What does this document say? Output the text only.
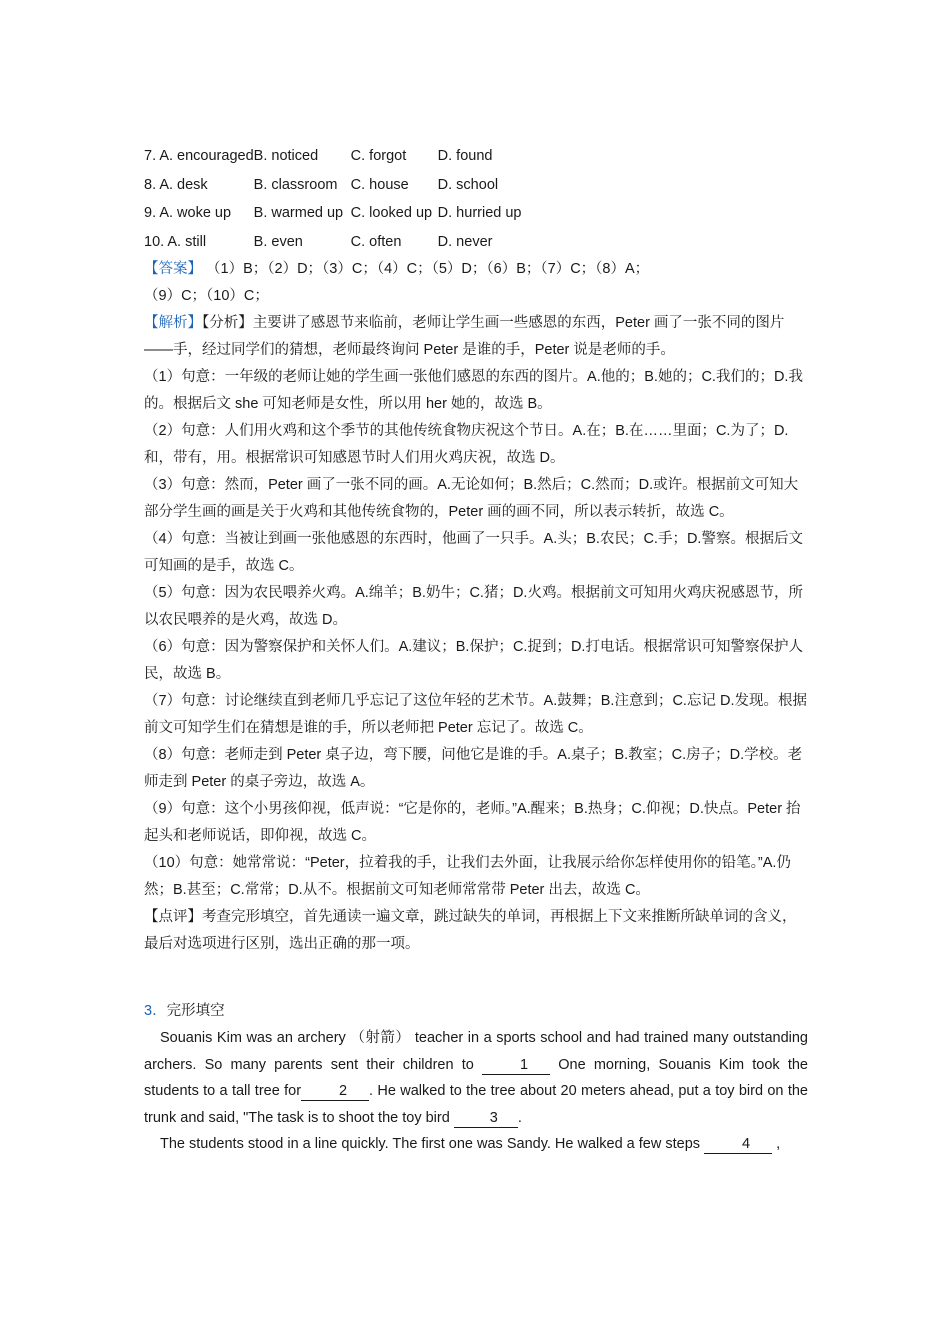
7. A. encouraged	B. noticed	C. forgot	D. found
8. A. desk	B. classroom	C. house	D. school
9. A. woke up	B. warmed up	C. looked up	D. hurried up
10. A. still	B. even	C. often	D. never
【答案】 （1）B；（2）D；（3）C；（4）C；（5）D；（6）B；（7）C；（8）A；
（9）C；（10）C；

【解析】【分析】主要讲了感恩节来临前，老师让学生画一些感恩的东西，Peter 画了一张不同的图片——手，经过同学们的猜想，老师最终询问 Peter 是谁的手，Peter 说是老师的手。

（1）句意：一年级的老师让她的学生画一张他们感恩的东西的图片。A.他的；B.她的；C.我们的；D.我的。根据后文 she 可知老师是女性，所以用 her 她的，故选 B。

（2）句意：人们用火鸡和这个季节的其他传统食物庆祝这个节日。A.在；B.在……里面；C.为了；D.和，带有，用。根据常识可知感恩节时人们用火鸡庆祝，故选 D。

（3）句意：然而，Peter 画了一张不同的画。A.无论如何；B.然后；C.然而；D.或许。根据前文可知大部分学生画的画是关于火鸡和其他传统食物的，Peter 画的画不同，所以表示转折，故选 C。

（4）句意：当被让到画一张他感恩的东西时，他画了一只手。A.头；B.农民；C.手；D.警察。根据后文可知画的是手，故选 C。

（5）句意：因为农民喂养火鸡。A.绵羊；B.奶牛；C.猪；D.火鸡。根据前文可知用火鸡庆祝感恩节，所以农民喂养的是火鸡，故选 D。

（6）句意：因为警察保护和关怀人们。A.建议；B.保护；C.捉到；D.打电话。根据常识可知警察保护人民，故选 B。

（7）句意：讨论继续直到老师几乎忘记了这位年轻的艺术节。A.鼓舞；B.注意到；C.忘记 D.发现。根据前文可知学生们在猜想是谁的手，所以老师把 Peter 忘记了。故选 C。

（8）句意：老师走到 Peter 桌子边，弯下腰，问他它是谁的手。A.桌子；B.教室；C.房子；D.学校。老师走到 Peter 的桌子旁边，故选 A。

（9）句意：这个小男孩仰视，低声说：“它是你的，老师。”A.醒来；B.热身；C.仰视；D.快点。Peter 抬起头和老师说话，即仰视，故选 C。

（10）句意：她常常说：“Peter，拉着我的手，让我们去外面，让我展示给你怎样使用你的铅笔。”A.仍然；B.甚至；C.常常；D.从不。根据前文可知老师常常带 Peter 出去，故选 C。

【点评】考查完形填空，首先通读一遍文章，跳过缺失的单词，再根据上下文来推断所缺单词的含义，最后对选项进行区别，选出正确的那一项。

3．完形填空

Souanis Kim was an archery （射箭） teacher in a sports school and had trained many outstanding archers. So many parents sent their children to	1 One morning, Souanis Kim took the students to a tall tree for	2 . He walked to the tree about 20 meters ahead, put a toy bird on the trunk and said, "The task is to shoot the toy bird 3 .

The students stood in a line quickly. The first one was Sandy. He walked a few steps	4 ,
